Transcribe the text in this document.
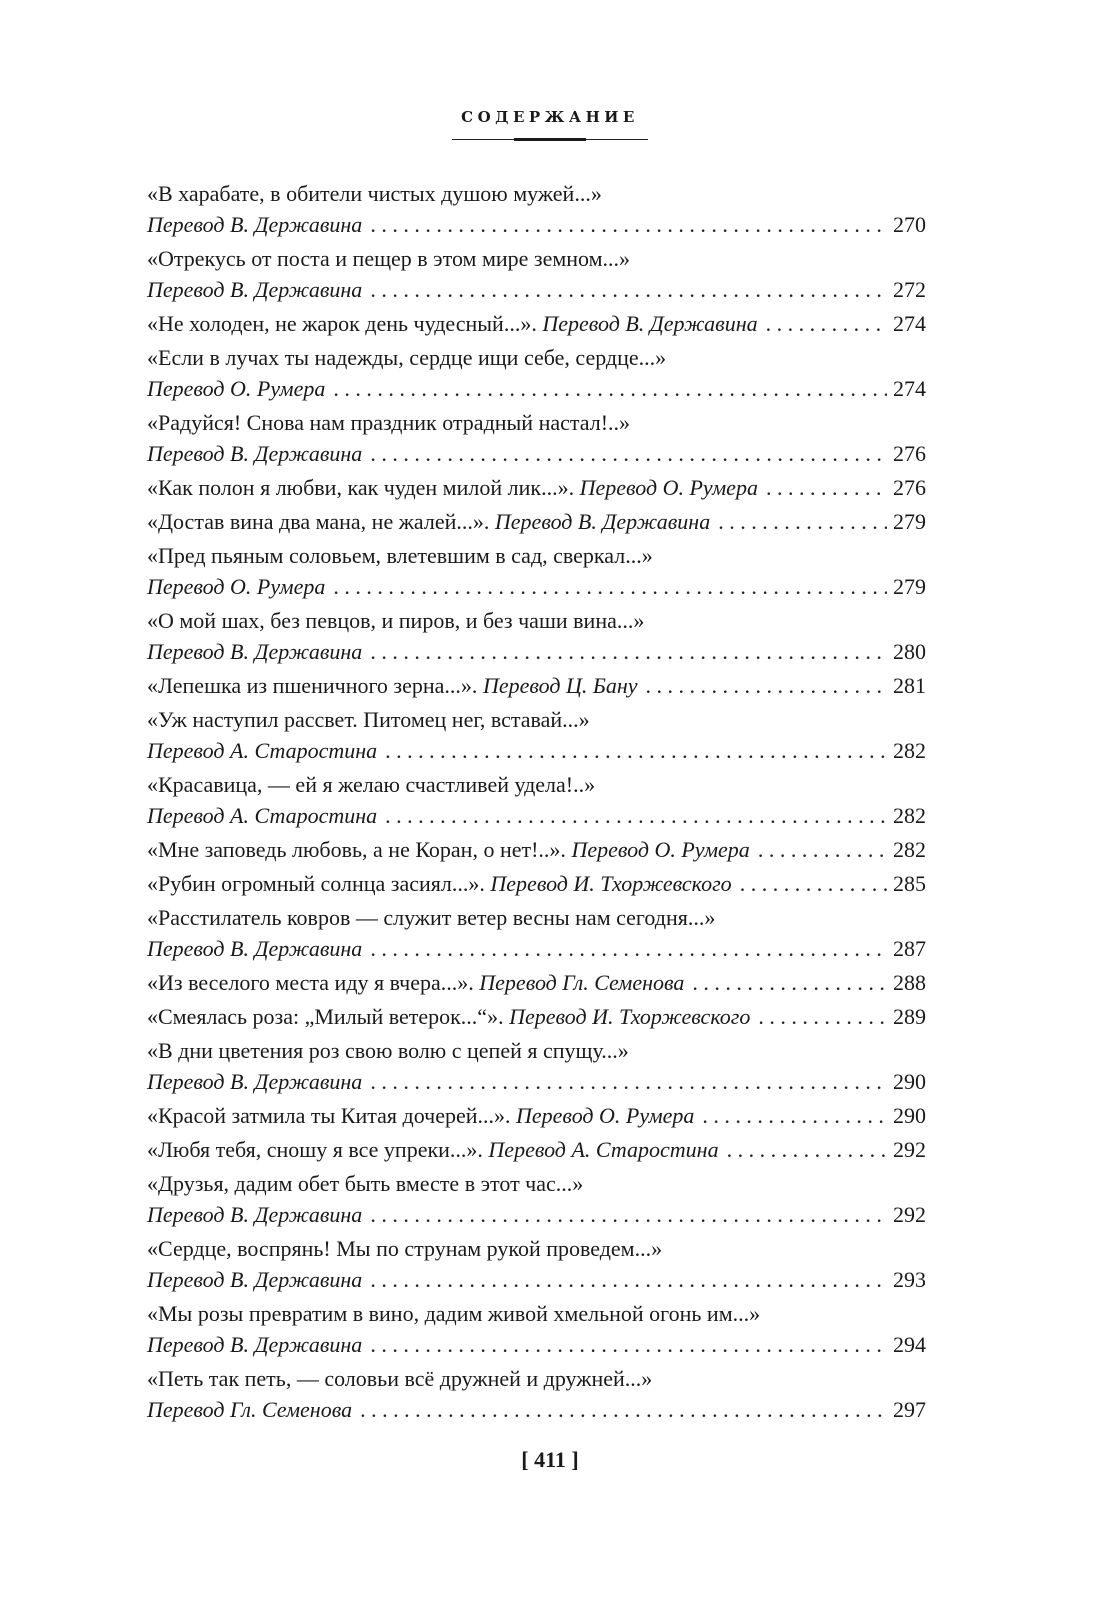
СОДЕРЖАНИЕ
«В харабате, в обители чистых душою мужей...»
Перевод В. Державина . . .	270
«Отрекусь от поста и пещер в этом мире земном...»
Перевод В. Державина . . .	272
«Не холоден, не жарок день чудесный...».
Перевод В. Державина . . .	274
«Если в лучах ты надежды, сердце ищи себе, сердце...»
Перевод О. Румера . . .	274
«Радуйся! Снова нам праздник отрадный настал!..»
Перевод В. Державина . . .	276
«Как полон я любви, как чуден милой лик...».
Перевод О. Румера . . .	276
«Достав вина два мана, не жалей...».
Перевод В. Державина . . .	279
«Пред пьяным соловьем, влетевшим в сад, сверкал...»
Перевод О. Румера . . .	279
«О мой шах, без певцов, и пиров, и без чаши вина...»
Перевод В. Державина . . .	280
«Лепешка из пшеничного зерна...».
Перевод Ц. Бану . . .	281
«Уж наступил рассвет. Питомец нег, вставай...»
Перевод А. Старостина . . .	282
«Красавица, — ей я желаю счастливей удела!..»
Перевод А. Старостина . . .	282
«Мне заповедь любовь, а не Коран, о нет!..».
Перевод О. Румера . . .	282
«Рубин огромный солнца засиял...».
Перевод И. Тхоржевского . . .	285
«Расстилатель ковров — служит ветер весны нам сегодня...»
Перевод В. Державина . . .	287
«Из веселого места иду я вчера...».
Перевод Гл. Семенова . . .	288
«Смеялась роза: „Милый ветерок...“».
Перевод И. Тхоржевского . . .	289
«В дни цветения роз свою волю с цепей я спущу...»
Перевод В. Державина . . .	290
«Красой затмила ты Китая дочерей...».
Перевод О. Румера . . .	290
«Любя тебя, сношу я все упреки...».
Перевод А. Старостина . . .	292
«Друзья, дадим обет быть вместе в этот час...»
Перевод В. Державина . . .	292
«Сердце, воспрянь! Мы по струнам рукой проведем...»
Перевод В. Державина . . .	293
«Мы розы превратим в вино, дадим живой хмельной огонь им...»
Перевод В. Державина . . .	294
«Петь так петь, — соловьи всё дружней и дружней...»
Перевод Гл. Семенова . . .	297
[ 411 ]
